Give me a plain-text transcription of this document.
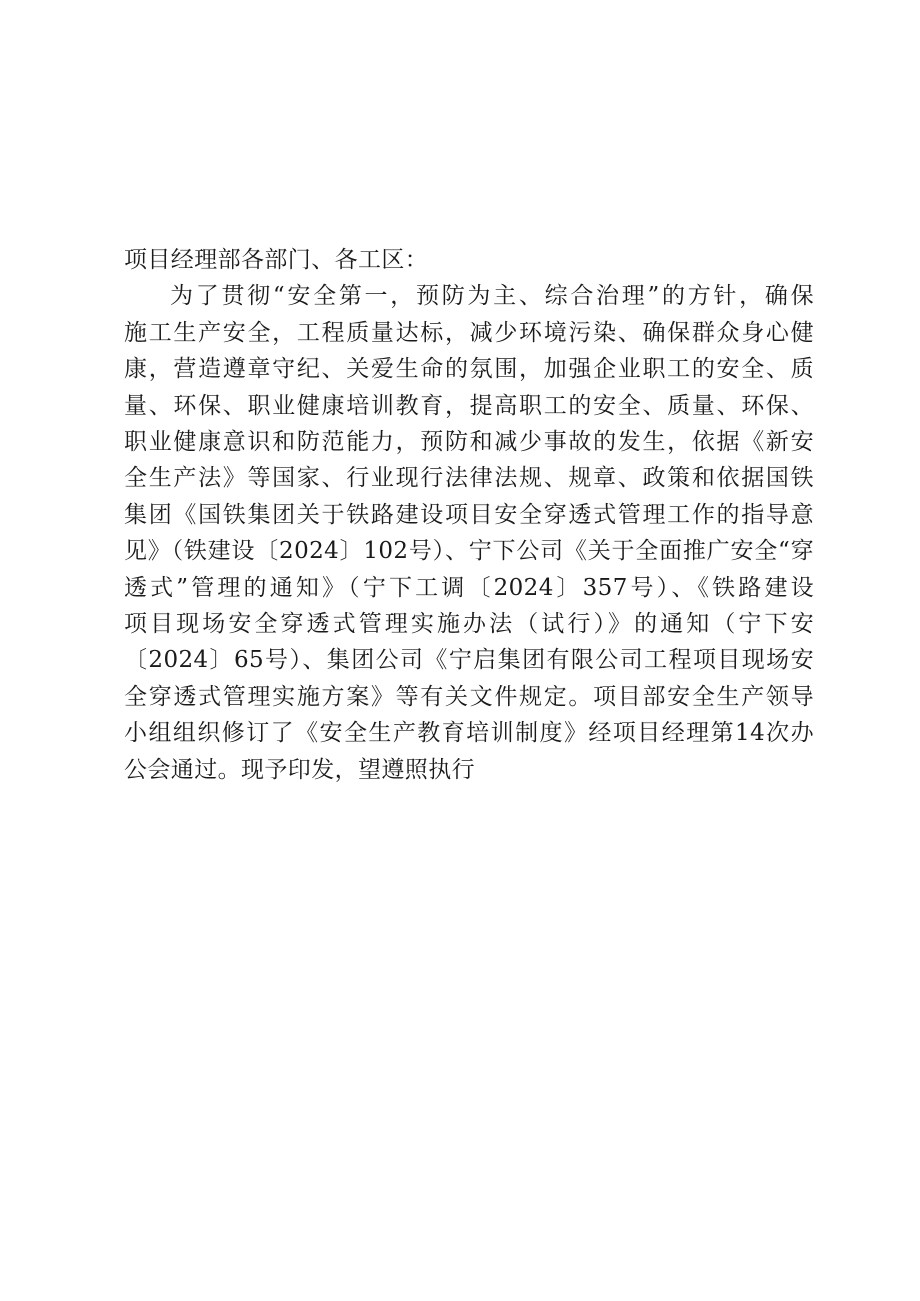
项目经理部各部门、各工区：

为了贯彻“安全第一，预防为主、综合治理”的方针，确保
施工生产安全，工程质量达标，减少环境污染、确保群众身心健
康，营造遵章守纪、关爱生命的氛围，加强企业职工的安全、质
量、环保、职业健康培训教育，提高职工的安全、质量、环保、
职业健康意识和防范能力，预防和减少事故的发生，依据《新安
全生产法》等国家、行业现行法律法规、规章、政策和依据国铁
集团《国铁集团关于铁路建设项目安全穿透式管理工作的指导意
见》（铁建设〔2024〕102号）、宁下公司《关于全面推广安全“穿
透式”管理的通知》（宁下工调〔2024〕357号）、《铁路建设
项目现场安全穿透式管理实施办法（试行）》的通知（宁下安
〔2024〕65号）、集团公司《宁启集团有限公司工程项目现场安
全穿透式管理实施方案》等有关文件规定。项目部安全生产领导
小组组织修订了《安全生产教育培训制度》经项目经理第14次办
公会通过。现予印发，望遵照执行
